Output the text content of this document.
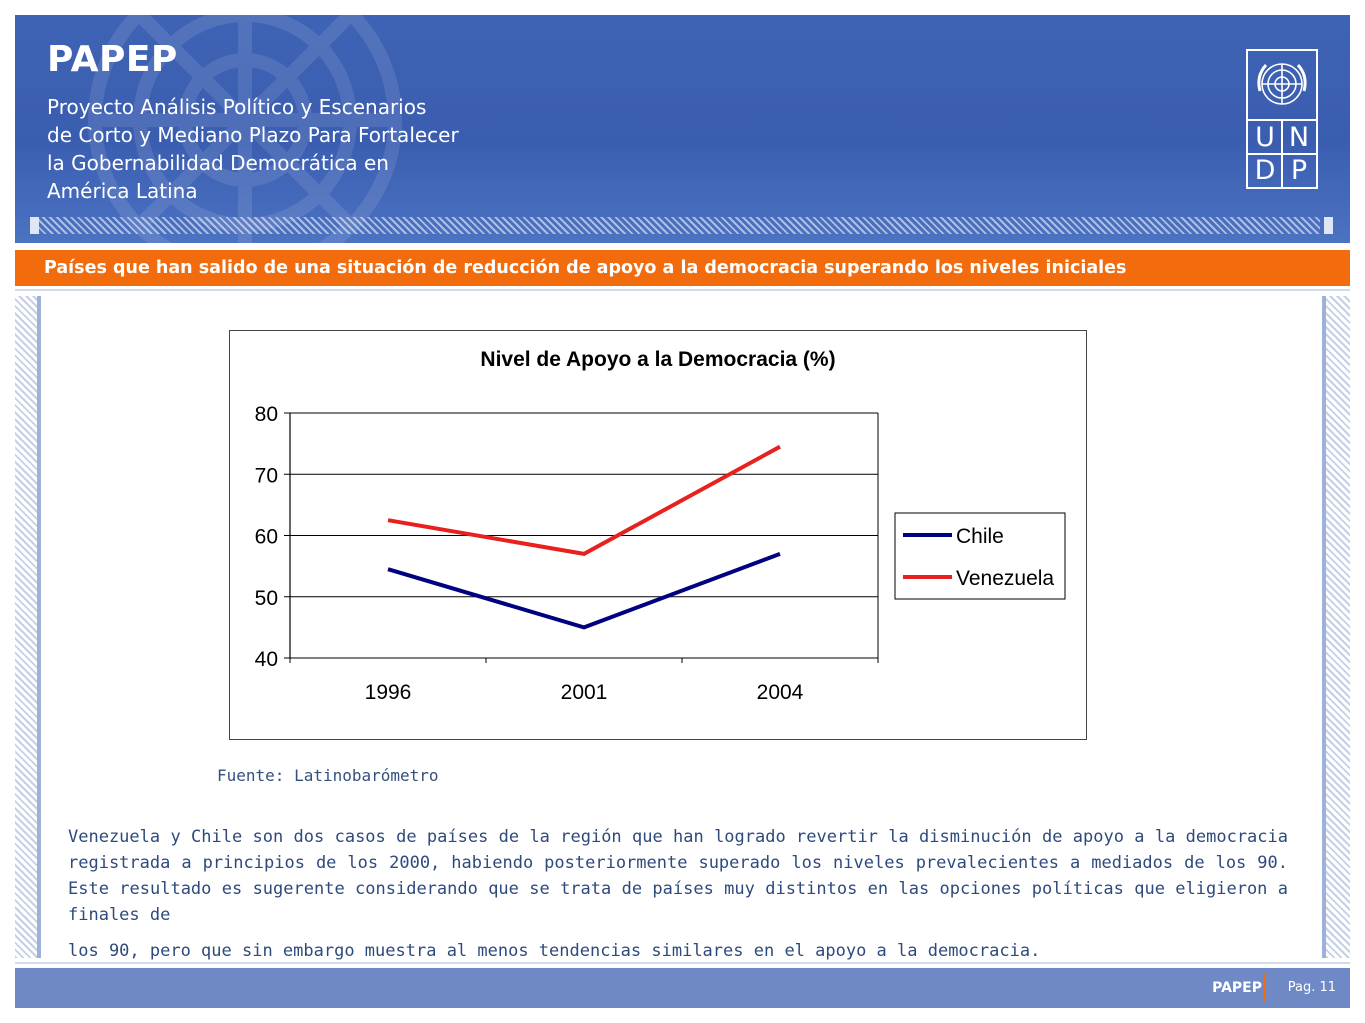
PAPEP
Proyecto Análisis Político y Escenarios
de Corto y Mediano Plazo Para Fortalecer
la Gobernabilidad Democrática en
América Latina
U N
D P
Países que han salido de una situación de reducción de apoyo a la democracia superando los niveles iniciales
Nivel de Apoyo a la Democracia (%)
40
50
60
70
80
1996	2001	2004
Chile
Venezuela
Fuente: Latinobarómetro
Venezuela y Chile son dos casos de países de la región que han logrado revertir la disminución de apoyo a la democracia registrada a principios de los 2000, habiendo posteriormente superado los niveles prevalecientes a mediados de los 90. Este resultado es sugerente considerando que se trata de países muy distintos en las opciones políticas que eligieron a finales de
los 90, pero que sin embargo muestra al menos tendencias similares en el apoyo a la democracia.
PAPEP Pag. 11
